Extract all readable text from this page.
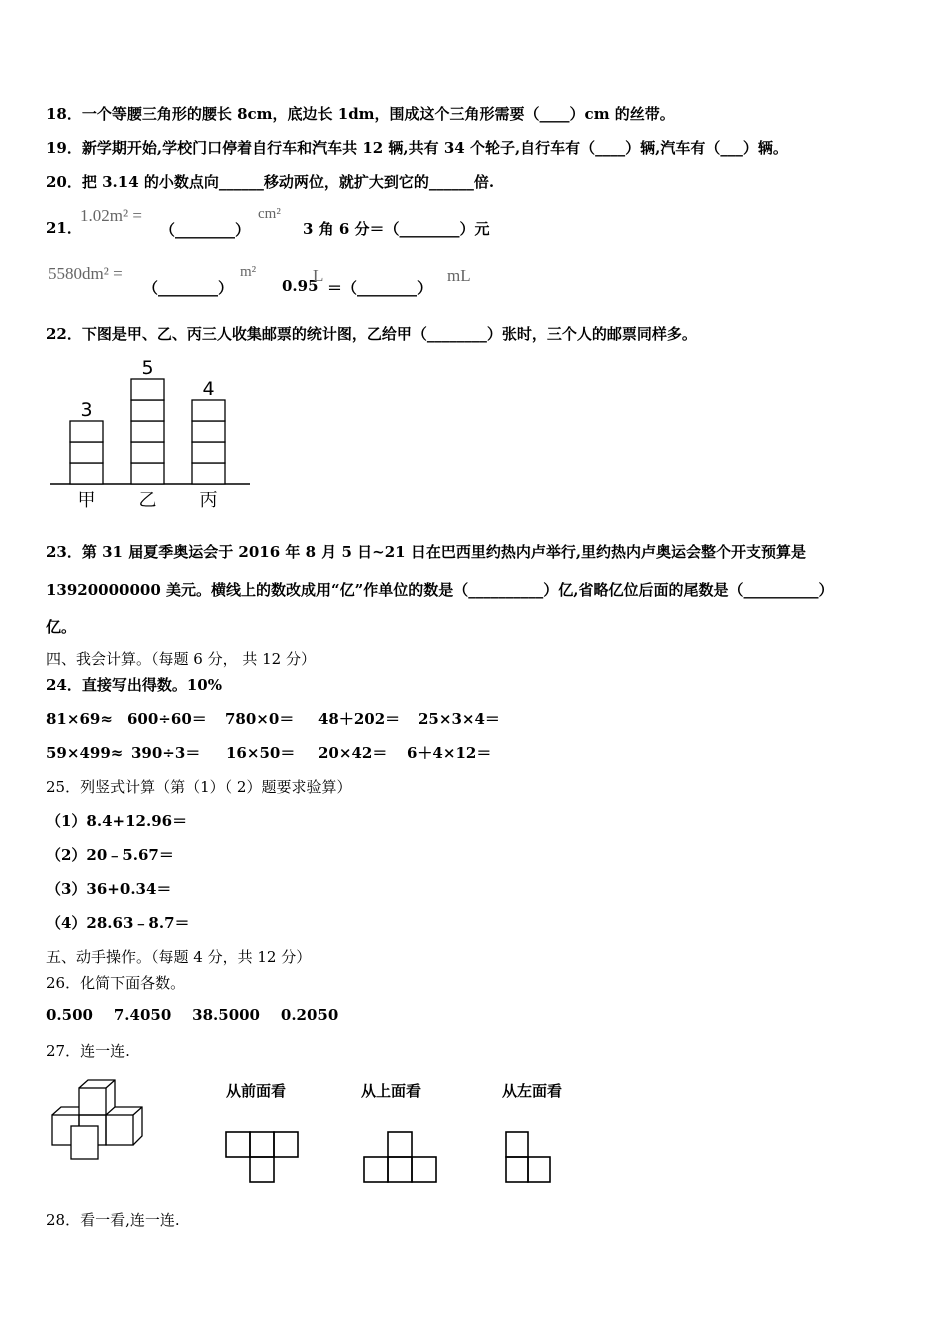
18．一个等腰三角形的腰长 8cm，底边长 1dm，围成这个三角形需要（____）cm 的丝带。
19．新学期开始,学校门口停着自行车和汽车共 12 辆,共有 34 个轮子,自行车有（____）辆,汽车有（___）辆。
20．把 3.14 的小数点向______移动两位，就扩大到它的______倍.
21．
1.02m² =
（________）
cm²
3 角 6 分＝（________）元
5580dm² =
（________）
m²
0.95
L
＝（________）
mL
22．下图是甲、乙、丙三人收集邮票的统计图，乙给甲（________）张时，三个人的邮票同样多。
3
甲
5
乙
4
丙
23．第 31 届夏季奥运会于 2016 年 8 月 5 日~21 日在巴西里约热内卢举行,里约热内卢奥运会整个开支预算是
13920000000 美元。横线上的数改成用“亿”作单位的数是（__________）亿,省略亿位后面的尾数是（__________）
亿。
四、我会计算。（每题 6 分， 共 12 分）
24．直接写出得数。10%
81×69≈ 600÷60＝ 780×0＝ 48＋202＝ 25×3×4＝
59×499≈ 390÷3＝ 16×50＝ 20×42＝ 6＋4×12＝
25．列竖式计算（第（1）（ 2）题要求验算）
（1）8.4+12.96＝
（2）20﹣5.67＝
（3）36+0.34＝
（4）28.63﹣8.7＝
五、动手操作。（每题 4 分，共 12 分）
26．化简下面各数。
0.500    7.4050    38.5000    0.2050
27．连一连.
从前面看	从上面看	从左面看
28．看一看,连一连.
